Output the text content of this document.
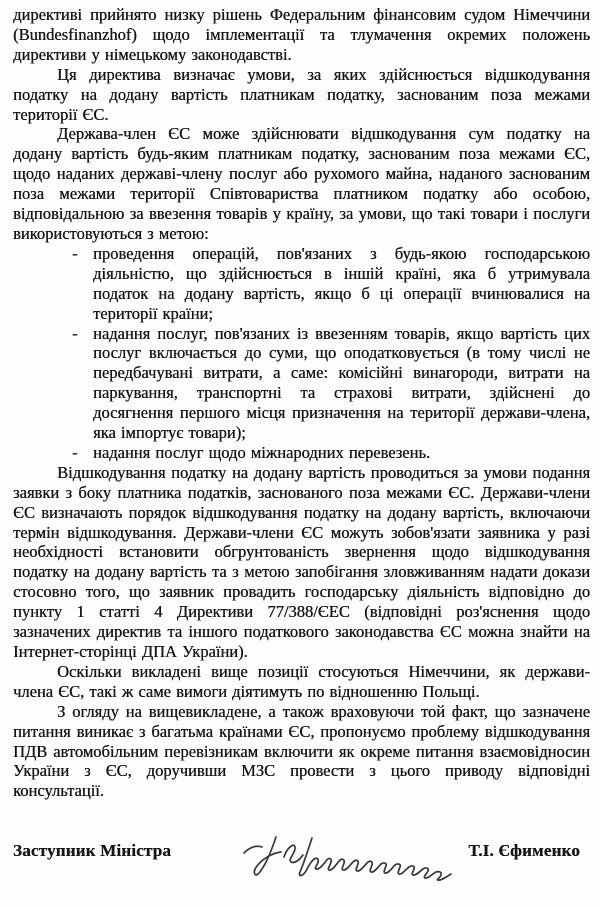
директиві прийнято низку рішень Федеральним фінансовим судом Німеччини (Bundesfinanzhof) щодо імплементації та тлумачення окремих положень директиви у німецькому законодавстві.

Ця директива визначає умови, за яких здійснюється відшкодування податку на додану вартість платникам податку, заснованим поза межами території ЄС.

Держава-член ЄС може здійснювати відшкодування сум податку на додану вартість будь-яким платникам податку, заснованим поза межами ЄС, щодо наданих державі-члену послуг або рухомого майна, наданого заснованим поза межами території Співтовариства платником податку або особою, відповідальною за ввезення товарів у країну, за умови, що такі товари і послуги використовуються з метою:

- проведення операцій, пов'язаних з будь-якою господарською діяльністю, що здійснюється в іншій країні, яка б утримувала податок на додану вартість, якщо б ці операції вчинювалися на території країни;
- надання послуг, пов'язаних із ввезенням товарів, якщо вартість цих послуг включається до суми, що оподатковується (в тому числі не передбачувані витрати, а саме: комісійні винагороди, витрати на паркування, транспортні та страхові витрати, здійснені до досягнення першого місця призначення на території держави-члена, яка імпортує товари);
- надання послуг щодо міжнародних перевезень.

Відшкодування податку на додану вартість проводиться за умови подання заявки з боку платника податків, заснованого поза межами ЄС. Держави-члени ЄС визначають порядок відшкодування податку на додану вартість, включаючи термін відшкодування. Держави-члени ЄС можуть зобов'язати заявника у разі необхідності встановити обгрунтованість звернення щодо відшкодування податку на додану вартість та з метою запобігання зловживанням надати докази стосовно того, що заявник провадить господарську діяльність відповідно до пункту 1 статті 4 Директиви 77/388/ЄЕС (відповідні роз'яснення щодо зазначених директив та іншого податкового законодавства ЄС можна знайти на Інтернет-сторінці ДПА України).

Оскільки викладені вище позиції стосуються Німеччини, як держави-члена ЄС, такі ж саме вимоги діятимуть по відношенню Польщі.

З огляду на вищевикладене, а також враховуючи той факт, що зазначене питання виникає з багатьма країнами ЄС, пропонуємо проблему відшкодування ПДВ автомобільним перевізникам включити як окреме питання взаємовідносин України з ЄС, доручивши МЗС провести з цього приводу відповідні консультації.

Заступник Міністра	Т.І. Єфименко
